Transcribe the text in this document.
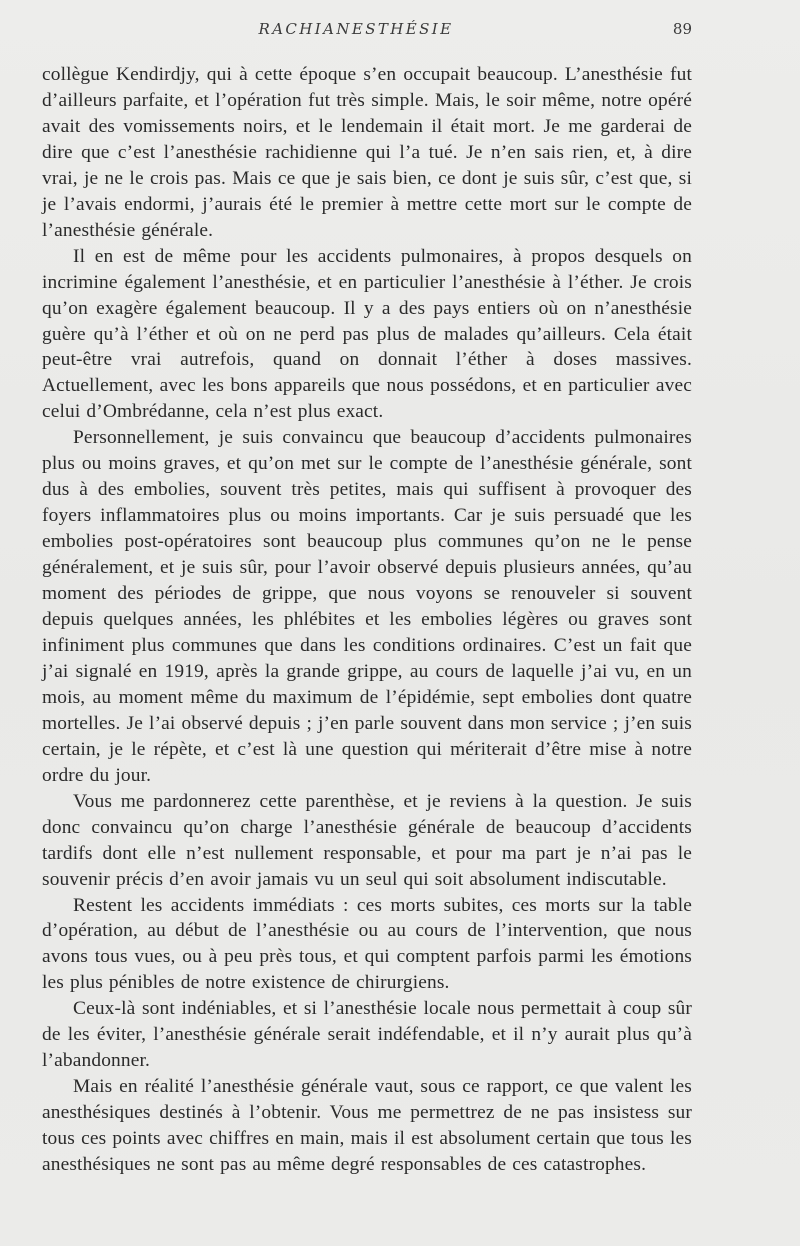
RACHIANESTHÉSIE	89

collègue Kendirdjy, qui à cette époque s’en occupait beaucoup. L’anesthésie fut d’ailleurs parfaite, et l’opération fut très simple. Mais, le soir même, notre opéré avait des vomissements noirs, et le lendemain il était mort. Je me garderai de dire que c’est l’anesthésie rachidienne qui l’a tué. Je n’en sais rien, et, à dire vrai, je ne le crois pas. Mais ce que je sais bien, ce dont je suis sûr, c’est que, si je l’avais endormi, j’aurais été le premier à mettre cette mort sur le compte de l’anesthésie générale.

Il en est de même pour les accidents pulmonaires, à propos desquels on incrimine également l’anesthésie, et en particulier l’anesthésie à l’éther. Je crois qu’on exagère également beaucoup. Il y a des pays entiers où on n’anesthésie guère qu’à l’éther et où on ne perd pas plus de malades qu’ailleurs. Cela était peut-être vrai autrefois, quand on donnait l’éther à doses massives. Actuellement, avec les bons appareils que nous possédons, et en particulier avec celui d’Ombrédanne, cela n’est plus exact.

Personnellement, je suis convaincu que beaucoup d’accidents pulmonaires plus ou moins graves, et qu’on met sur le compte de l’anesthésie générale, sont dus à des embolies, souvent très petites, mais qui suffisent à provoquer des foyers inflammatoires plus ou moins importants. Car je suis persuadé que les embolies post-opératoires sont beaucoup plus communes qu’on ne le pense généralement, et je suis sûr, pour l’avoir observé depuis plusieurs années, qu’au moment des périodes de grippe, que nous voyons se renouveler si souvent depuis quelques années, les phlébites et les embolies légères ou graves sont infiniment plus communes que dans les conditions ordinaires. C’est un fait que j’ai signalé en 1919, après la grande grippe, au cours de laquelle j’ai vu, en un mois, au moment même du maximum de l’épidémie, sept embolies dont quatre mortelles. Je l’ai observé depuis ; j’en parle souvent dans mon service ; j’en suis certain, je le répète, et c’est là une question qui mériterait d’être mise à notre ordre du jour.

Vous me pardonnerez cette parenthèse, et je reviens à la question. Je suis donc convaincu qu’on charge l’anesthésie générale de beaucoup d’accidents tardifs dont elle n’est nullement responsable, et pour ma part je n’ai pas le souvenir précis d’en avoir jamais vu un seul qui soit absolument indiscutable.

Restent les accidents immédiats : ces morts subites, ces morts sur la table d’opération, au début de l’anesthésie ou au cours de l’intervention, que nous avons tous vues, ou à peu près tous, et qui comptent parfois parmi les émotions les plus pénibles de notre existence de chirurgiens.

Ceux-là sont indéniables, et si l’anesthésie locale nous permettait à coup sûr de les éviter, l’anesthésie générale serait indéfendable, et il n’y aurait plus qu’à l’abandonner.

Mais en réalité l’anesthésie générale vaut, sous ce rapport, ce que valent les anesthésiques destinés à l’obtenir. Vous me permettrez de ne pas insistess sur tous ces points avec chiffres en main, mais il est absolument certain que tous les anesthésiques ne sont pas au même degré responsables de ces catastrophes.
